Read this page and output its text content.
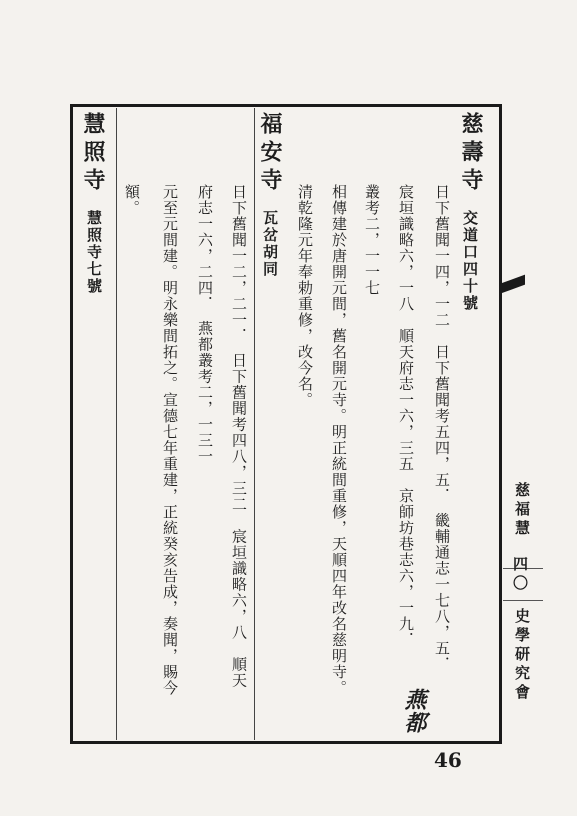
慈壽寺
交道口四十號
日下舊聞一四，一二　日下舊聞考五四，五．　畿輔通志一七八，五．
宸垣識略六，一八　順天府志一六，三五　京師坊巷志六，一九．
叢考二，一一七
相傳建於唐開元間，舊名開元寺。明正統間重修，天順四年改名慈明寺。
清乾隆元年奉勅重修，改今名。
燕都
福安寺
瓦岔胡同
日下舊聞一二，二一．　日下舊聞考四八，三二　宸垣識略六，八　順天
府志一六，二四．　燕都叢考二，一三一
元至元間建。明永樂間拓之。宣德七年重建，正統癸亥告成，奏聞，賜今
額。
慧照寺
慧照寺七號
慈福慧
四〇
史學研究會
46
